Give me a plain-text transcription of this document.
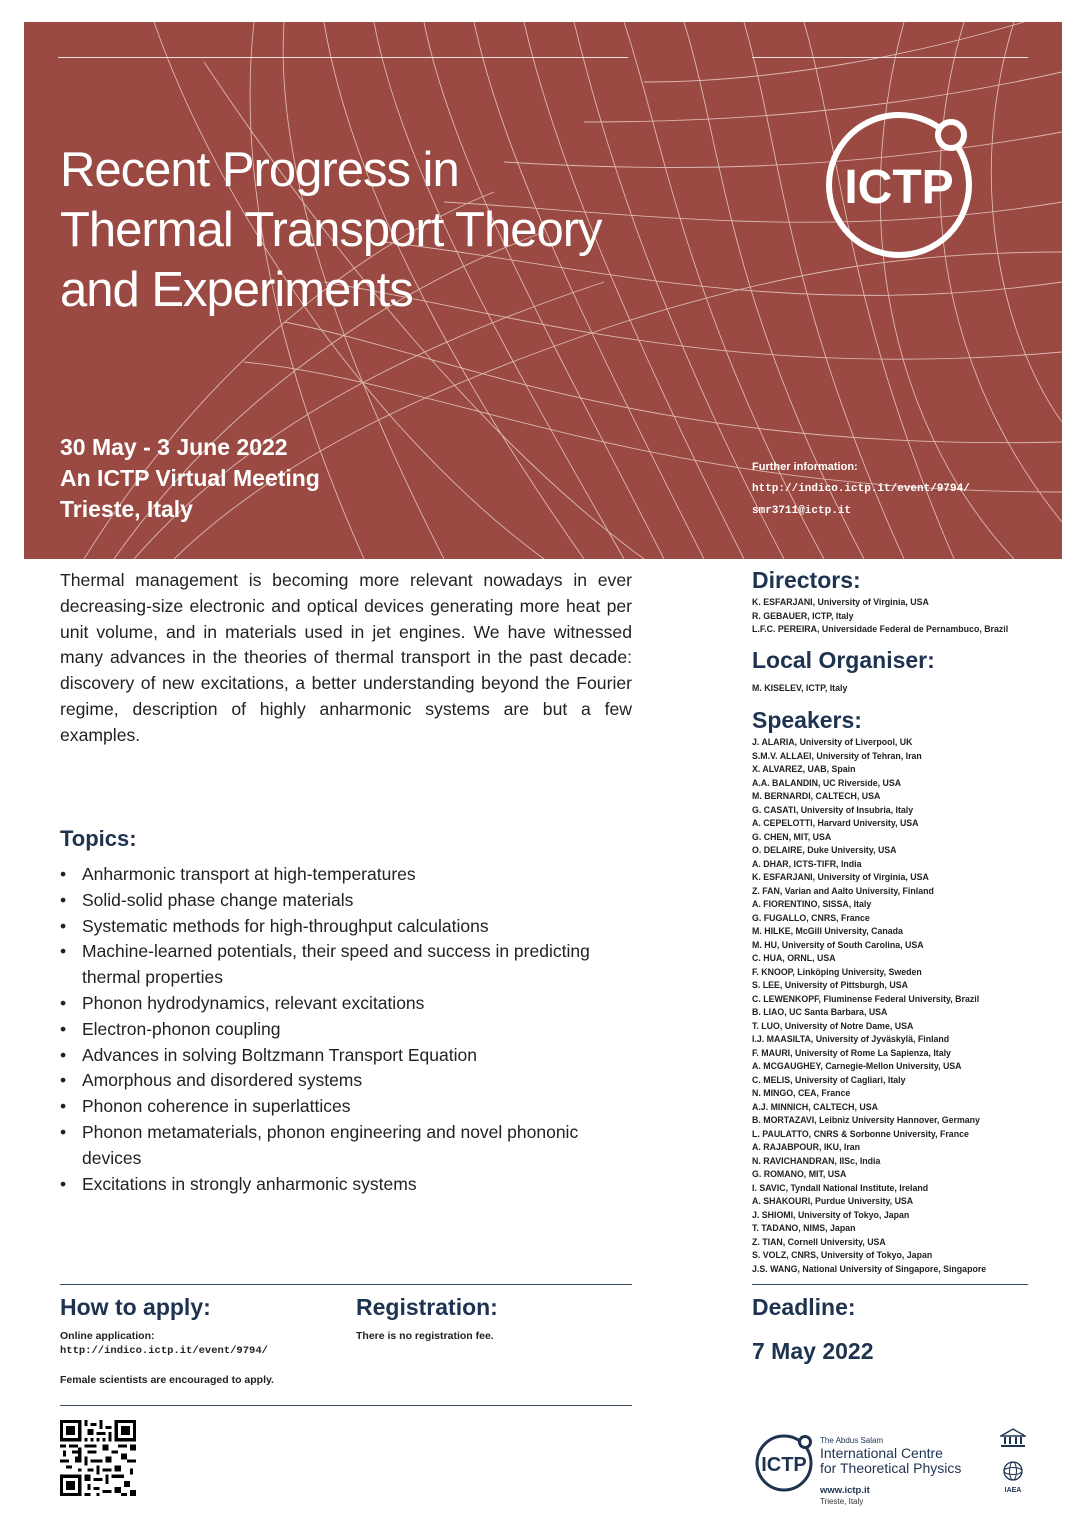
Recent Progress in
Thermal Transport Theory
and Experiments
ICTP
30 May - 3 June 2022
An ICTP Virtual Meeting
Trieste, Italy
Further information:
http://indico.ictp.it/event/9794/
smr3711@ictp.it
Thermal management is becoming more relevant nowadays in ever decreasing-size electronic and optical devices generating more heat per unit volume, and in materials used in jet engines. We have witnessed many advances in the theories of thermal transport in the past decade: discovery of new excitations, a better understanding beyond the Fourier regime, description of highly anharmonic systems are but a few examples.
Topics:
• Anharmonic transport at high-temperatures
• Solid-solid phase change materials
• Systematic methods for high-throughput calculations
• Machine-learned potentials, their speed and success in predicting thermal properties
• Phonon hydrodynamics, relevant excitations
• Electron-phonon coupling
• Advances in solving Boltzmann Transport Equation
• Amorphous and disordered systems
• Phonon coherence in superlattices
• Phonon metamaterials, phonon engineering and novel phononic devices
• Excitations in strongly anharmonic systems
Directors:
K. ESFARJANI, University of Virginia, USA
R. GEBAUER, ICTP, Italy
L.F.C. PEREIRA, Universidade Federal de Pernambuco, Brazil
Local Organiser:
M. KISELEV, ICTP, Italy
Speakers:
J. ALARIA, University of Liverpool, UK
S.M.V. ALLAEI, University of Tehran, Iran
X. ALVAREZ, UAB, Spain
A.A. BALANDIN, UC Riverside, USA
M. BERNARDI, CALTECH, USA
G. CASATI, University of Insubria, Italy
A. CEPELOTTI, Harvard University, USA
G. CHEN, MIT, USA
O. DELAIRE, Duke University, USA
A. DHAR, ICTS-TIFR, India
K. ESFARJANI, University of Virginia, USA
Z. FAN, Varian and Aalto University, Finland
A. FIORENTINO, SISSA, Italy
G. FUGALLO, CNRS, France
M. HILKE, McGill University, Canada
M. HU, University of South Carolina, USA
C. HUA, ORNL, USA
F. KNOOP, Linköping University, Sweden
S. LEE, University of Pittsburgh, USA
C. LEWENKOPF, Fluminense Federal University, Brazil
B. LIAO, UC Santa Barbara, USA
T. LUO, University of Notre Dame, USA
I.J. MAASILTA, University of Jyväskylä, Finland
F. MAURI, University of Rome La Sapienza, Italy
A. MCGAUGHEY, Carnegie-Mellon University, USA
C. MELIS, University of Cagliari, Italy
N. MINGO, CEA, France
A.J. MINNICH, CALTECH, USA
B. MORTAZAVI, Leibniz University Hannover, Germany
L. PAULATTO, CNRS & Sorbonne University, France
A. RAJABPOUR, IKU, Iran
N. RAVICHANDRAN, IISc, India
G. ROMANO, MIT, USA
I. SAVIC, Tyndall National Institute, Ireland
A. SHAKOURI, Purdue University, USA
J. SHIOMI, University of Tokyo, Japan
T. TADANO, NIMS, Japan
Z. TIAN, Cornell University, USA
S. VOLZ, CNRS, University of Tokyo, Japan
J.S. WANG, National University of Singapore, Singapore
How to apply:
Online application:
http://indico.ictp.it/event/9794/
Female scientists are encouraged to apply.
Registration:
There is no registration fee.
Deadline:
7 May 2022
ICTP
The Abdus Salam
International Centre
for Theoretical Physics
www.ictp.it
Trieste, Italy
IAEA
